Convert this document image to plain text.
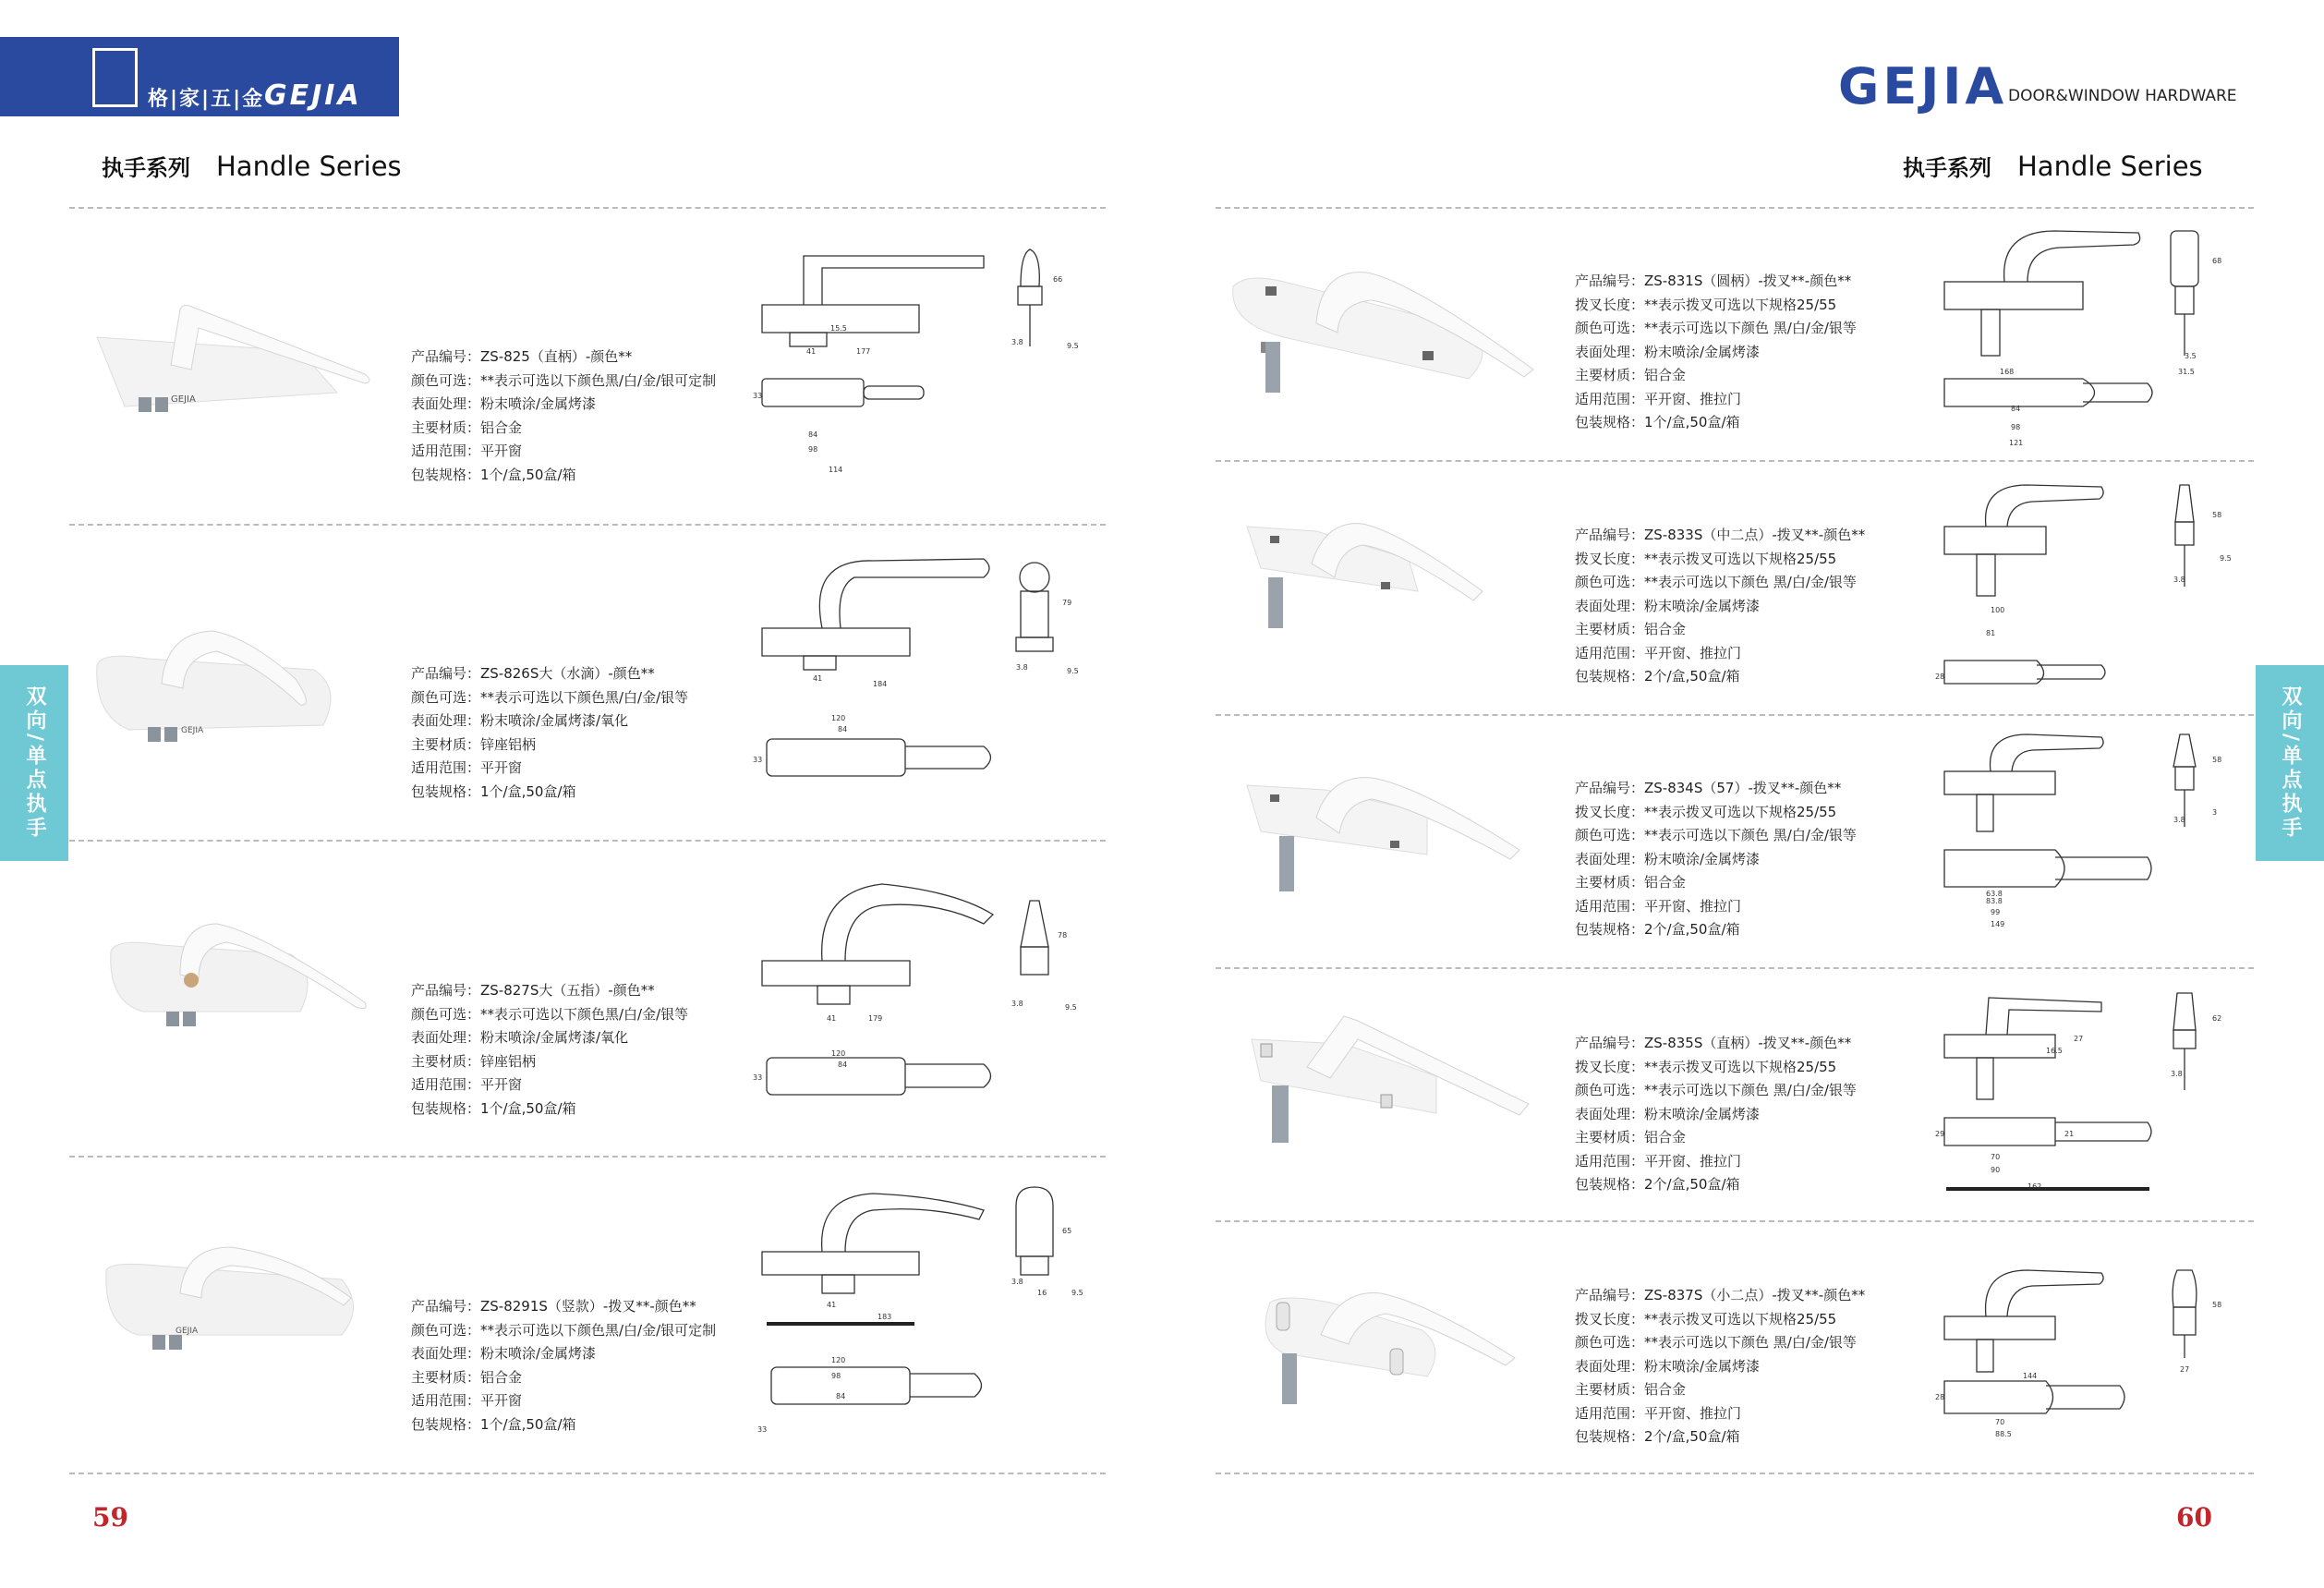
格|家|五|金 GEJIA	GEJIA DOOR&WINDOW HARDWARE
执手系列 Handle Series	执手系列 Handle Series
双向/单点执手	双向/单点执手
59	60
GEJIA
产品编号：ZS-825（直柄）-颜色**
颜色可选：**表示可选以下颜色黑/白/金/银可定制
表面处理：粉末喷涂/金属烤漆
主要材质：铝合金
适用范围：平开窗
包装规格：1个/盒,50盒/箱
177
41
15.5
66
3.8	9.5
84
98
114
33
GEJIA
产品编号：ZS-826S大（水滴）-颜色**
颜色可选：**表示可选以下颜色黑/白/金/银等
表面处理：粉末喷涂/金属烤漆/氧化
主要材质：锌座铝柄
适用范围：平开窗
包装规格：1个/盒,50盒/箱
184
41
79
3.8	9.5
120
84
33
产品编号：ZS-827S大（五指）-颜色**
颜色可选：**表示可选以下颜色黑/白/金/银等
表面处理：粉末喷涂/金属烤漆/氧化
主要材质：锌座铝柄
适用范围：平开窗
包装规格：1个/盒,50盒/箱
179
41
78
3.8	9.5
120
84
33
GEJIA
产品编号：ZS-8291S（竖款）-拨叉**-颜色**
颜色可选：**表示可选以下颜色黑/白/金/银可定制
表面处理：粉末喷涂/金属烤漆
主要材质：铝合金
适用范围：平开窗
包装规格：1个/盒,50盒/箱
183
41
65
3.8
9.5
16
120
98
84
33
产品编号：ZS-831S（圆柄）-拨叉**-颜色**
拨叉长度：**表示拨叉可选以下规格25/55
颜色可选：**表示可选以下颜色 黑/白/金/银等
表面处理：粉末喷涂/金属烤漆
主要材质：铝合金
适用范围：平开窗、推拉门
包装规格：1个/盒,50盒/箱
168
68
3.5
31.5
84
98
121
产品编号：ZS-833S（中二点）-拨叉**-颜色**
拨叉长度：**表示拨叉可选以下规格25/55
颜色可选：**表示可选以下颜色 黑/白/金/银等
表面处理：粉末喷涂/金属烤漆
主要材质：铝合金
适用范围：平开窗、推拉门
包装规格：2个/盒,50盒/箱
58
100
81
3.8
9.5
28
产品编号：ZS-834S（57）-拨叉**-颜色**
拨叉长度：**表示拨叉可选以下规格25/55
颜色可选：**表示可选以下颜色 黑/白/金/银等
表面处理：粉末喷涂/金属烤漆
主要材质：铝合金
适用范围：平开窗、推拉门
包装规格：2个/盒,50盒/箱
58
63.8
83.8
99
149
3.8
3
产品编号：ZS-835S（直柄）-拨叉**-颜色**
拨叉长度：**表示拨叉可选以下规格25/55
颜色可选：**表示可选以下颜色 黑/白/金/银等
表面处理：粉末喷涂/金属烤漆
主要材质：铝合金
适用范围：平开窗、推拉门
包装规格：2个/盒,50盒/箱
62
27
16.5
70
90
162
29	21
3.8
产品编号：ZS-837S（小二点）-拨叉**-颜色**
拨叉长度：**表示拨叉可选以下规格25/55
颜色可选：**表示可选以下颜色 黑/白/金/银等
表面处理：粉末喷涂/金属烤漆
主要材质：铝合金
适用范围：平开窗、推拉门
包装规格：2个/盒,50盒/箱
58
144
70
88.5
27
28
